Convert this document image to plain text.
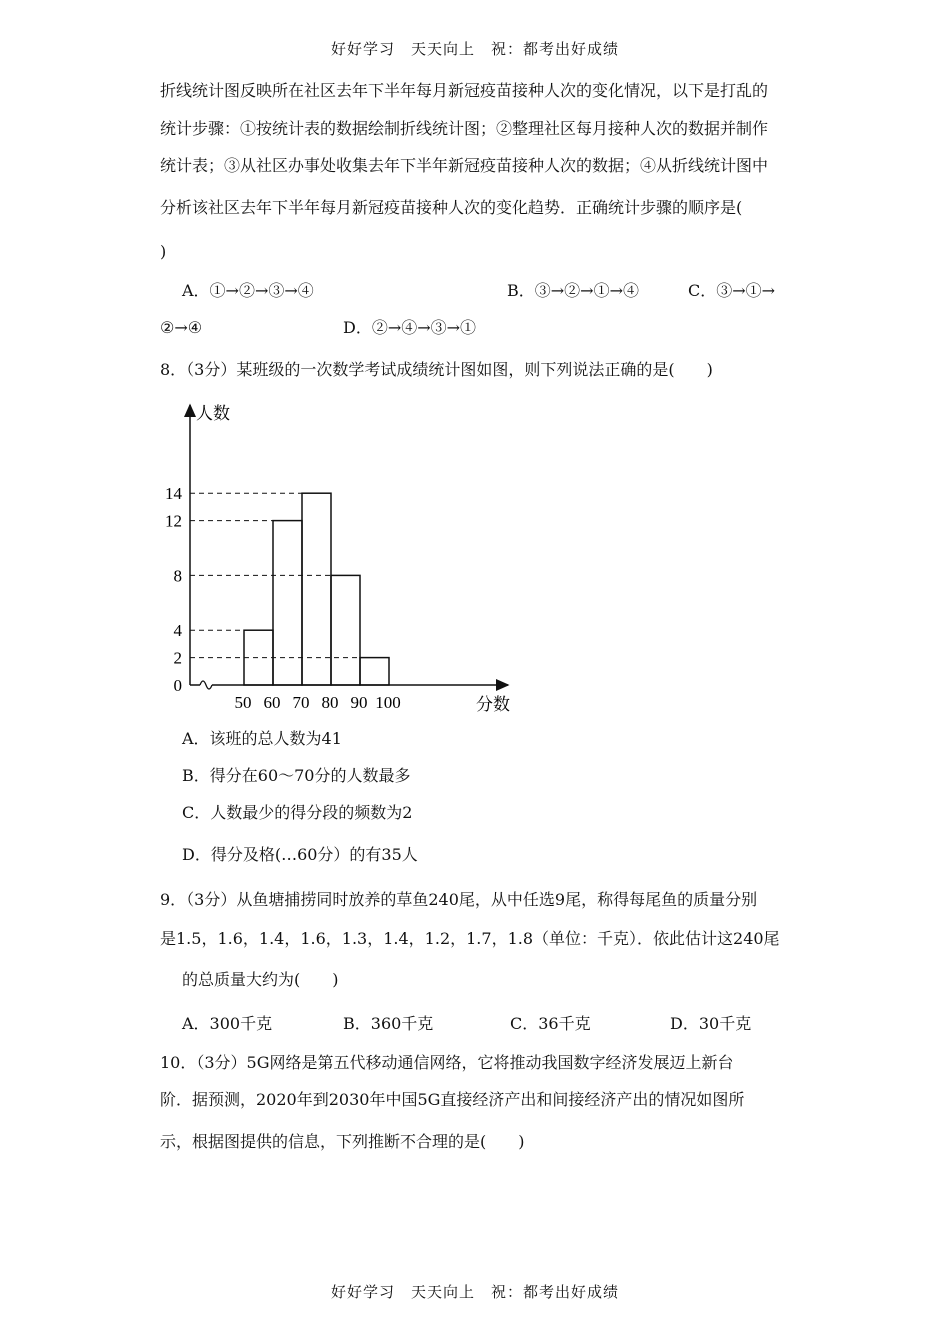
好好学习　天天向上　祝：都考出好成绩
折线统计图反映所在社区去年下半年每月新冠疫苗接种人次的变化情况，以下是打乱的
统计步骤：①按统计表的数据绘制折线统计图；②整理社区每月接种人次的数据并制作
统计表；③从社区办事处收集去年下半年新冠疫苗接种人次的数据；④从折线统计图中
分析该社区去年下半年每月新冠疫苗接种人次的变化趋势．正确统计步骤的顺序是(
)
A．①→②→③→④	B．③→②→①→④	C．③→①→
②→④	D．②→④→③→①
8．（3分）某班级的一次数学考试成绩统计图如图，则下列说法正确的是(　　)
人数
分数
0
2
4
8
12
14
50 60 70 80 90 100
A．该班的总人数为41
B．得分在60～70分的人数最多
C．人数最少的得分段的频数为2
D．得分及格(…60分）的有35人
9．（3分）从鱼塘捕捞同时放养的草鱼240尾，从中任选9尾，称得每尾鱼的质量分别
是1.5，1.6，1.4，1.6，1.3，1.4，1.2，1.7，1.8（单位：千克）．依此估计这240尾
的总质量大约为(　　)
A．300千克	B．360千克	C．36千克	D．30千克
10．（3分）5G网络是第五代移动通信网络，它将推动我国数字经济发展迈上新台
阶．据预测，2020年到2030年中国5G直接经济产出和间接经济产出的情况如图所
示，根据图提供的信息，下列推断不合理的是(　　)
好好学习　天天向上　祝：都考出好成绩
